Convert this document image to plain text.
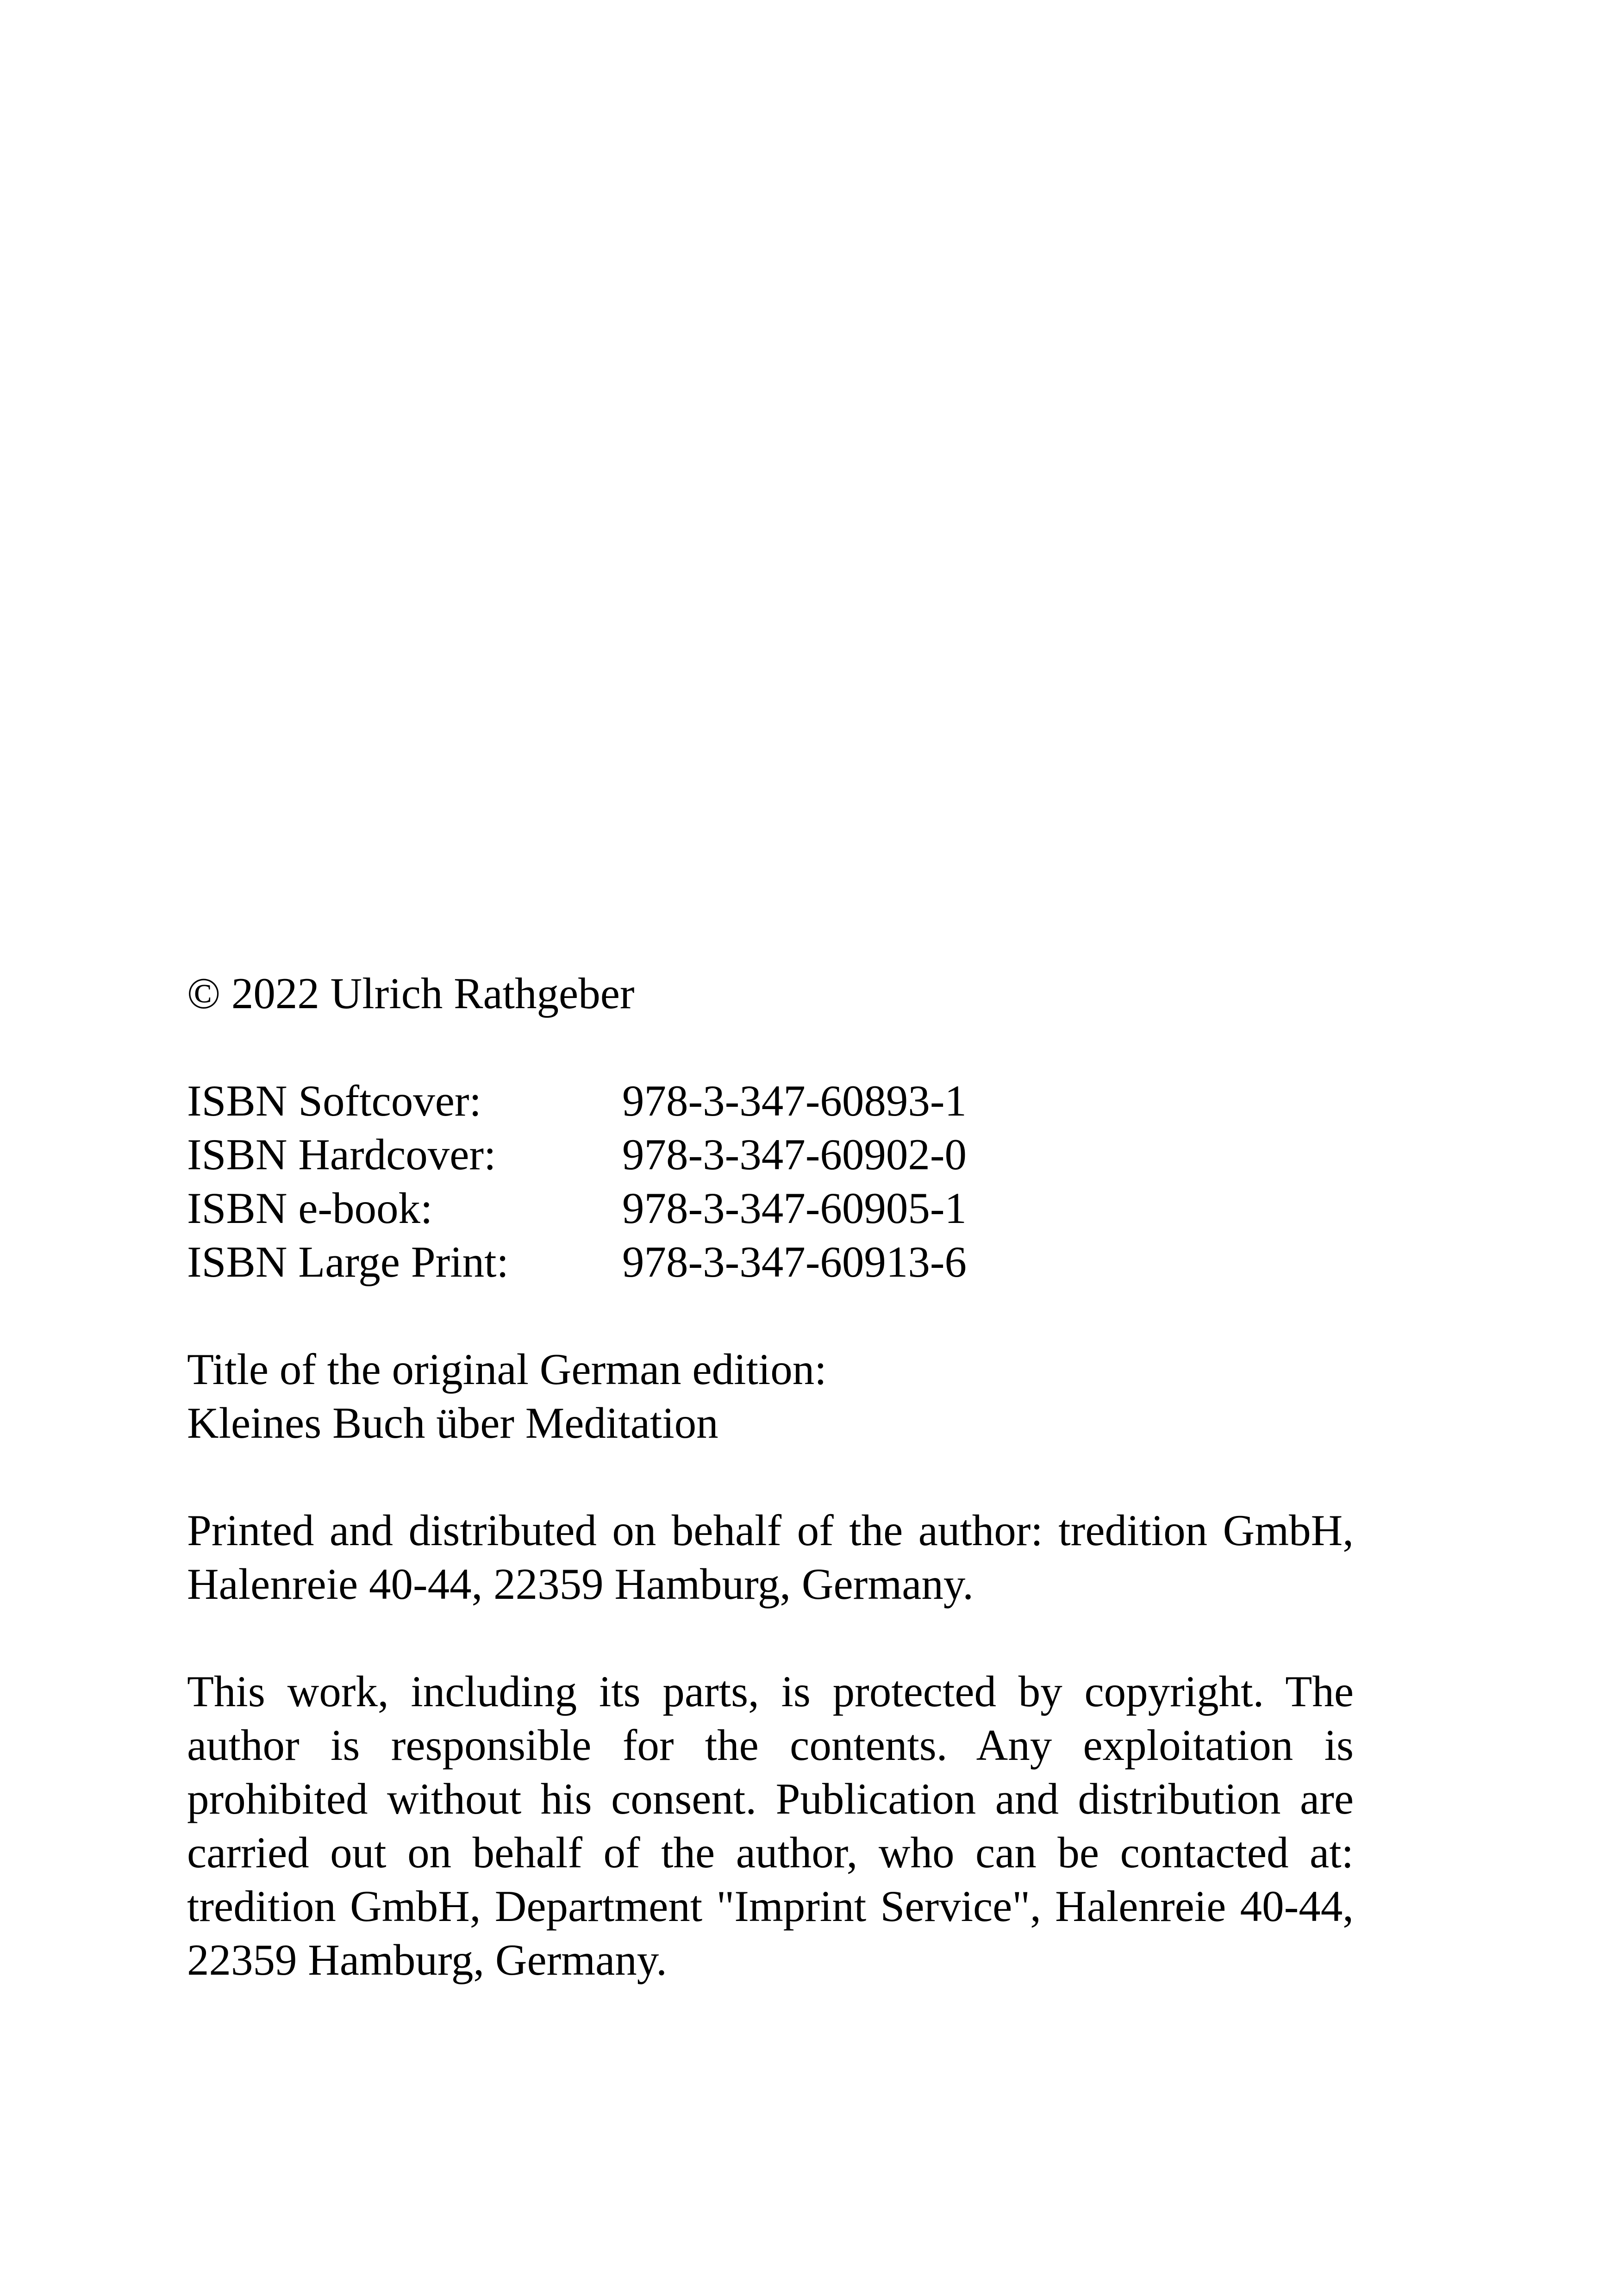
© 2022 Ulrich Rathgeber

ISBN Softcover:	978-3-347-60893-1
ISBN Hardcover:	978-3-347-60902-0
ISBN e-book:	978-3-347-60905-1
ISBN Large Print:	978-3-347-60913-6
Title of the original German edition:
Kleines Buch über Meditation

Printed and distributed on behalf of the author: tredition GmbH, Halenreie 40-44, 22359 Hamburg, Germany.

This work, including its parts, is protected by copyright. The author is responsible for the contents. Any exploitation is prohibited without his consent. Publication and distribution are carried out on behalf of the author, who can be contacted at: tredition GmbH, Department "Imprint Service", Halenreie 40-44, 22359 Hamburg, Germany.
